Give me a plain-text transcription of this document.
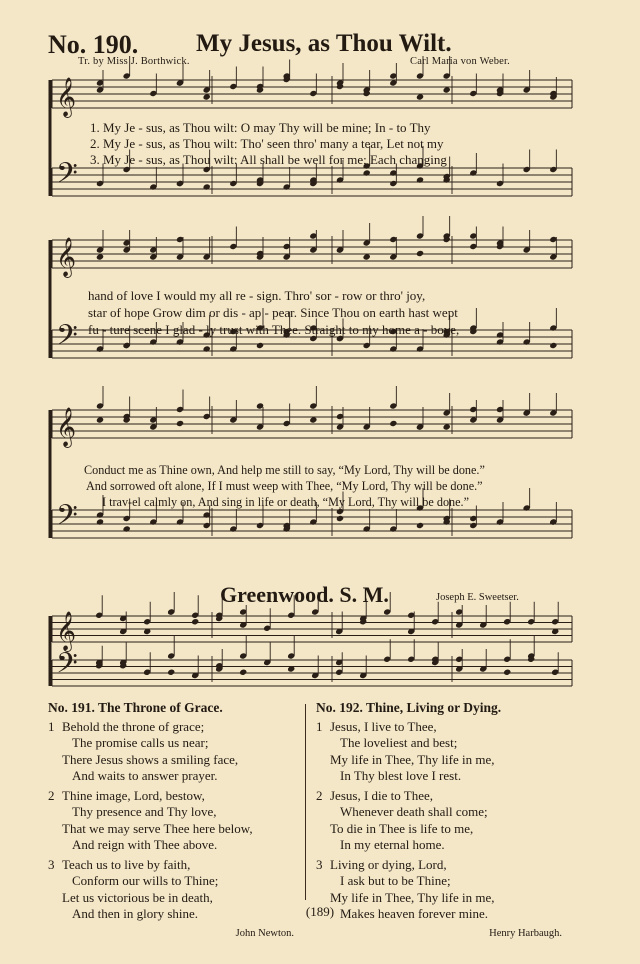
No. 190. My Jesus, as Thou Wilt.
Tr. by Miss J. Borthwick.	Carl Maria von Weber.
𝄞
𝄢
𝄞
𝄢
𝄞
𝄢
𝄞
𝄢
1. My Je - sus, as Thou wilt: O may Thy will be mine; In - to Thy
2. My Je - sus, as Thou wilt: Tho' seen thro' many a tear, Let not my
3. My Je - sus, as Thou wilt: All shall be well for me; Each changing
hand of love I would my all re - sign. Thro' sor - row or thro' joy,
star of hope Grow dim or dis - ap - pear. Since Thou on earth hast wept
fu - ture scene I glad - ly trust with Thee. Straight to my home a - bove,
Conduct me as Thine own, And help me still to say, “My Lord, Thy will be done.”
And sorrowed oft alone, If I must weep with Thee, “My Lord, Thy will be done.”
I trav-el calmly on, And sing in life or death, “My Lord, Thy will be done.”
Greenwood. S. M.	Joseph E. Sweetser.
No. 191. The Throne of Grace.
1 Behold the throne of grace;
The promise calls us near;
There Jesus shows a smiling face,
And waits to answer prayer.
2 Thine image, Lord, bestow,
Thy presence and Thy love,
That we may serve Thee here below,
And reign with Thee above.
3 Teach us to live by faith,
Conform our wills to Thine;
Let us victorious be in death,
And then in glory shine.
John Newton.
No. 192. Thine, Living or Dying.
1 Jesus, I live to Thee,
The loveliest and best;
My life in Thee, Thy life in me,
In Thy blest love I rest.
2 Jesus, I die to Thee,
Whenever death shall come;
To die in Thee is life to me,
In my eternal home.
3 Living or dying, Lord,
I ask but to be Thine;
My life in Thee, Thy life in me,
Makes heaven forever mine.
Henry Harbaugh.
(189)
